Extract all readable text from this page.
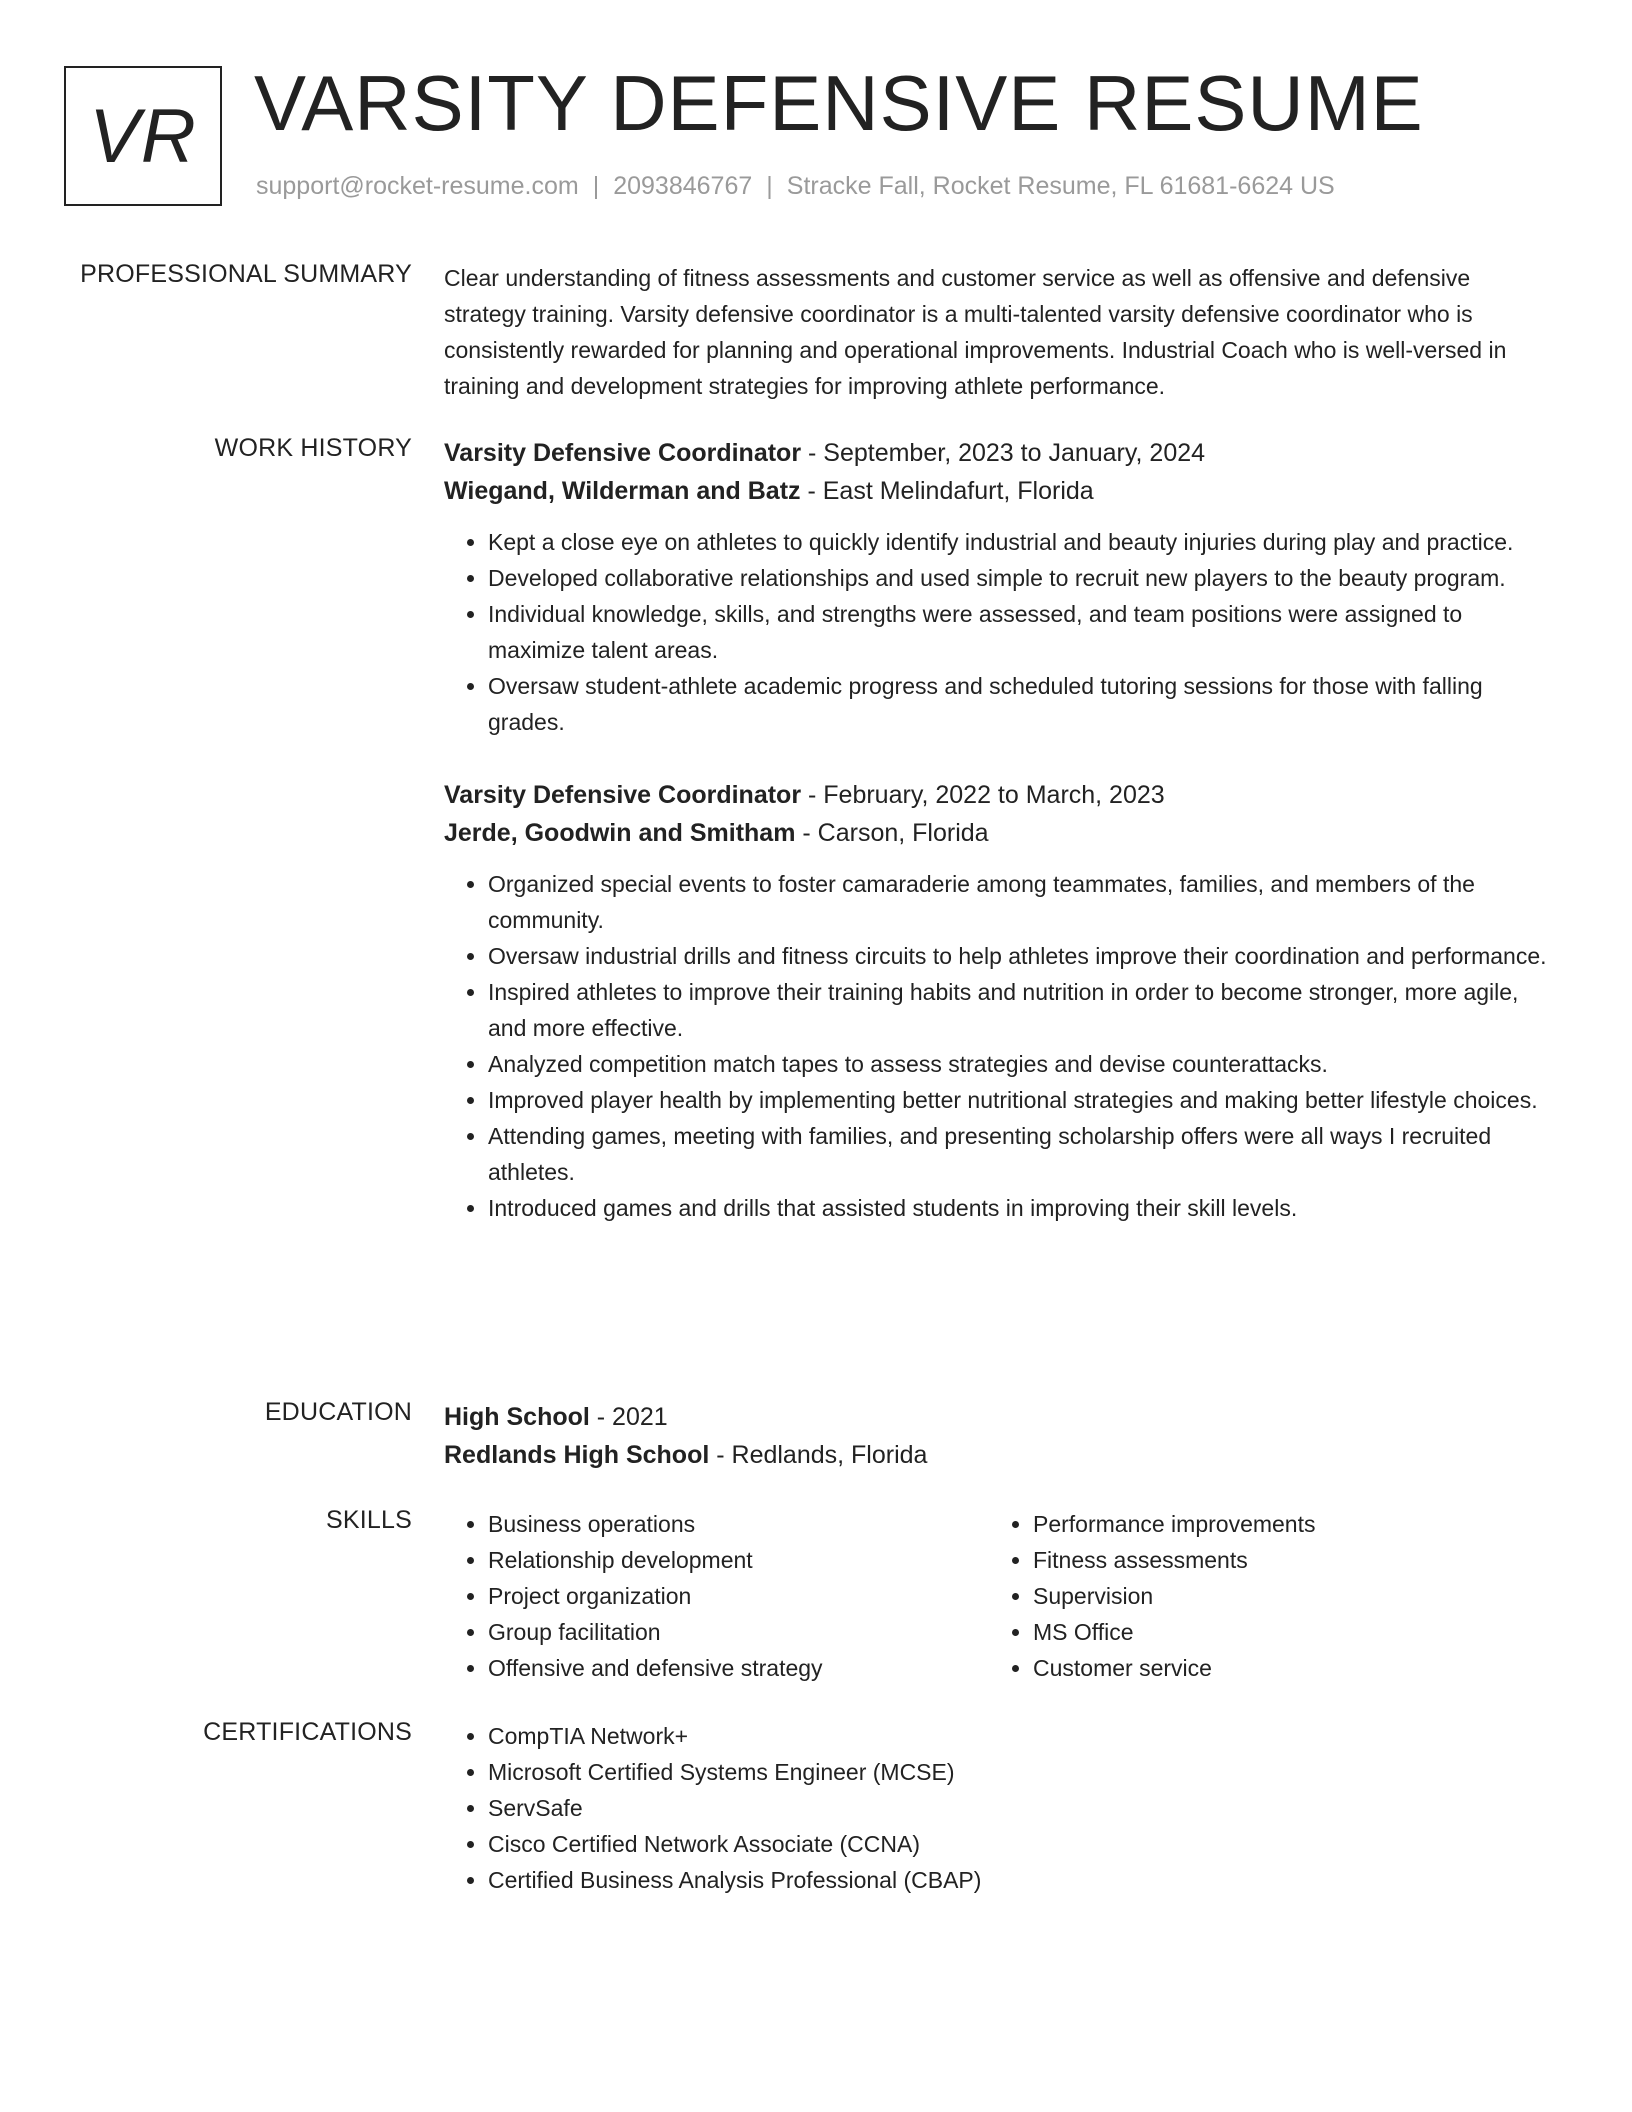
VR VARSITY DEFENSIVE RESUME
support@rocket-resume.com | 2093846767 | Stracke Fall, Rocket Resume, FL 61681-6624 US
PROFESSIONAL SUMMARY Clear understanding of fitness assessments and customer service as well as offensive and defensive strategy training. Varsity defensive coordinator is a multi-talented varsity defensive coordinator who is consistently rewarded for planning and operational improvements. Industrial Coach who is well-versed in training and development strategies for improving athlete performance.

WORK HISTORY Varsity Defensive Coordinator - September, 2023 to January, 2024
Wiegand, Wilderman and Batz - East Melindafurt, Florida
• Kept a close eye on athletes to quickly identify industrial and beauty injuries during play and practice.
• Developed collaborative relationships and used simple to recruit new players to the beauty program.
• Individual knowledge, skills, and strengths were assessed, and team positions were assigned to maximize talent areas.
• Oversaw student-athlete academic progress and scheduled tutoring sessions for those with falling grades.
Varsity Defensive Coordinator - February, 2022 to March, 2023
Jerde, Goodwin and Smitham - Carson, Florida
• Organized special events to foster camaraderie among teammates, families, and members of the community.
• Oversaw industrial drills and fitness circuits to help athletes improve their coordination and performance.
• Inspired athletes to improve their training habits and nutrition in order to become stronger, more agile, and more effective.
• Analyzed competition match tapes to assess strategies and devise counterattacks.
• Improved player health by implementing better nutritional strategies and making better lifestyle choices.
• Attending games, meeting with families, and presenting scholarship offers were all ways I recruited athletes.
• Introduced games and drills that assisted students in improving their skill levels.
EDUCATION High School - 2021
Redlands High School - Redlands, Florida
SKILLS	• Business operations
• Relationship development
• Project organization
• Group facilitation
• Offensive and defensive strategy
• Performance improvements
• Fitness assessments
• Supervision
• MS Office
• Customer service
CERTIFICATIONS	• CompTIA Network+
• Microsoft Certified Systems Engineer (MCSE)
• ServSafe
• Cisco Certified Network Associate (CCNA)
• Certified Business Analysis Professional (CBAP)
